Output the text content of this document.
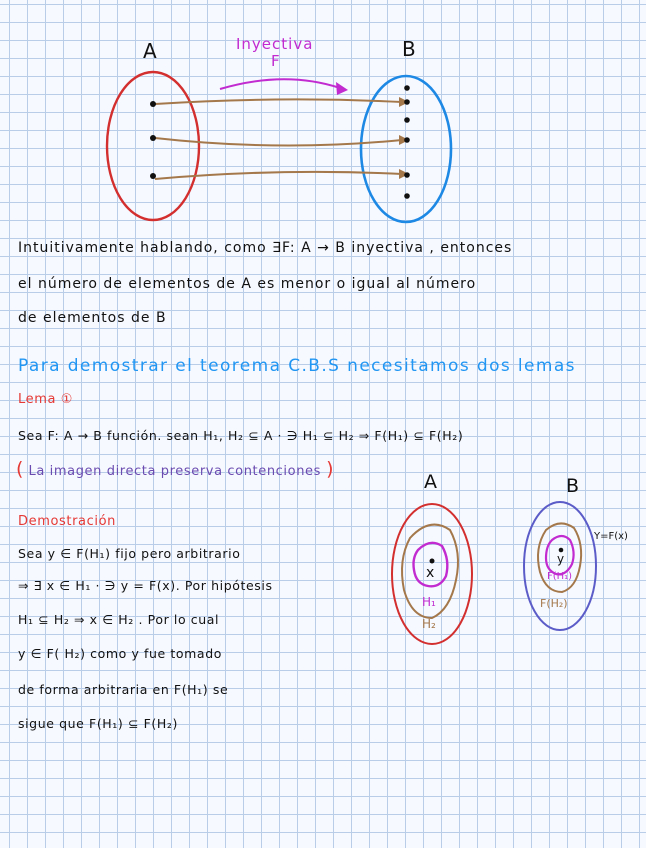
A	B
Inyectiva
F
Intuitivamente hablando, como ∃F: A → B inyectiva , entonces
el número de elementos de A es menor o igual al número
de elementos de B
Para demostrar el teorema C.B.S necesitamos dos lemas
Lema ①
Sea F: A → B función. sean H₁, H₂ ⊆ A · ∋ H₁ ⊆ H₂ ⇒ F(H₁) ⊆ F(H₂)
( La imagen directa preserva contenciones )
Demostración
Sea y ∈ F(H₁) fijo pero arbitrario
⇒ ∃ x ∈ H₁ · ∋ y = F(x). Por hipótesis
H₁ ⊆ H₂ ⇒ x ∈ H₂ . Por lo cual
y ∈ F( H₂) como y fue tomado
de forma arbitraria en F(H₁) se
sigue que F(H₁) ⊆ F(H₂)
A	B
x
H₁
H₂
y
F(H₁)
F(H₂)
Y=F(x)
